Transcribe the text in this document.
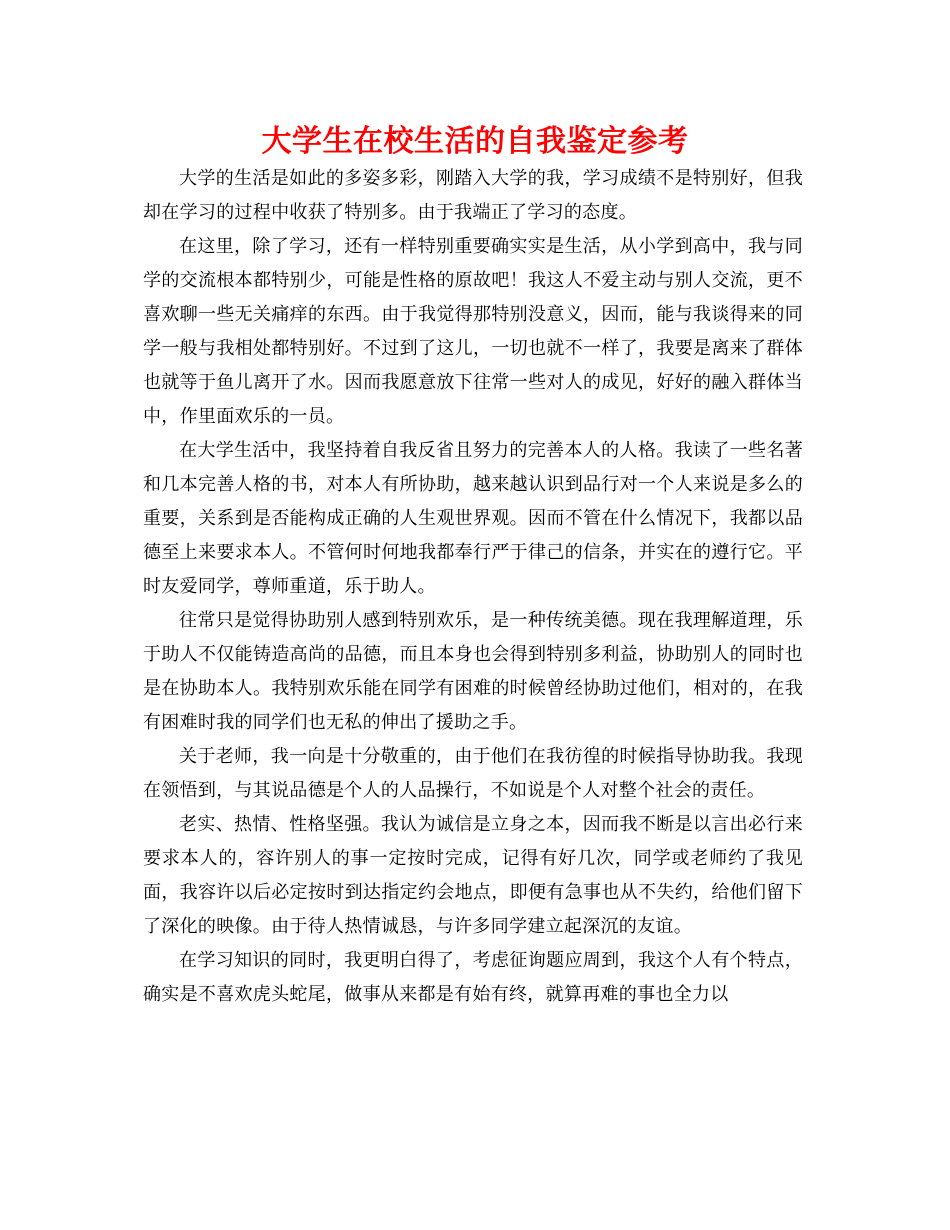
大学生在校生活的自我鉴定参考

大学的生活是如此的多姿多彩，刚踏入大学的我，学习成绩不是特别好，但我却在学习的过程中收获了特别多。由于我端正了学习的态度。

在这里，除了学习，还有一样特别重要确实实是生活，从小学到高中，我与同学的交流根本都特别少，可能是性格的原故吧！我这人不爱主动与别人交流，更不喜欢聊一些无关痛痒的东西。由于我觉得那特别没意义，因而，能与我谈得来的同学一般与我相处都特别好。不过到了这儿，一切也就不一样了，我要是离来了群体也就等于鱼儿离开了水。因而我愿意放下往常一些对人的成见，好好的融入群体当中，作里面欢乐的一员。

在大学生活中，我坚持着自我反省且努力的完善本人的人格。我读了一些名著和几本完善人格的书，对本人有所协助，越来越认识到品行对一个人来说是多么的重要，关系到是否能构成正确的人生观世界观。因而不管在什么情况下，我都以品德至上来要求本人。不管何时何地我都奉行严于律己的信条，并实在的遵行它。平时友爱同学，尊师重道，乐于助人。

往常只是觉得协助别人感到特别欢乐，是一种传统美德。现在我理解道理，乐于助人不仅能铸造高尚的品德，而且本身也会得到特别多利益，协助别人的同时也是在协助本人。我特别欢乐能在同学有困难的时候曾经协助过他们，相对的，在我有困难时我的同学们也无私的伸出了援助之手。

关于老师，我一向是十分敬重的，由于他们在我彷徨的时候指导协助我。我现在领悟到，与其说品德是个人的人品操行，不如说是个人对整个社会的责任。

老实、热情、性格坚强。我认为诚信是立身之本，因而我不断是以言出必行来要求本人的，容许别人的事一定按时完成，记得有好几次，同学或老师约了我见面，我容许以后必定按时到达指定约会地点，即便有急事也从不失约，给他们留下了深化的映像。由于待人热情诚恳，与许多同学建立起深沉的友谊。

在学习知识的同时，我更明白得了，考虑征询题应周到，我这个人有个特点，确实是不喜欢虎头蛇尾，做事从来都是有始有终，就算再难的事也全力以
